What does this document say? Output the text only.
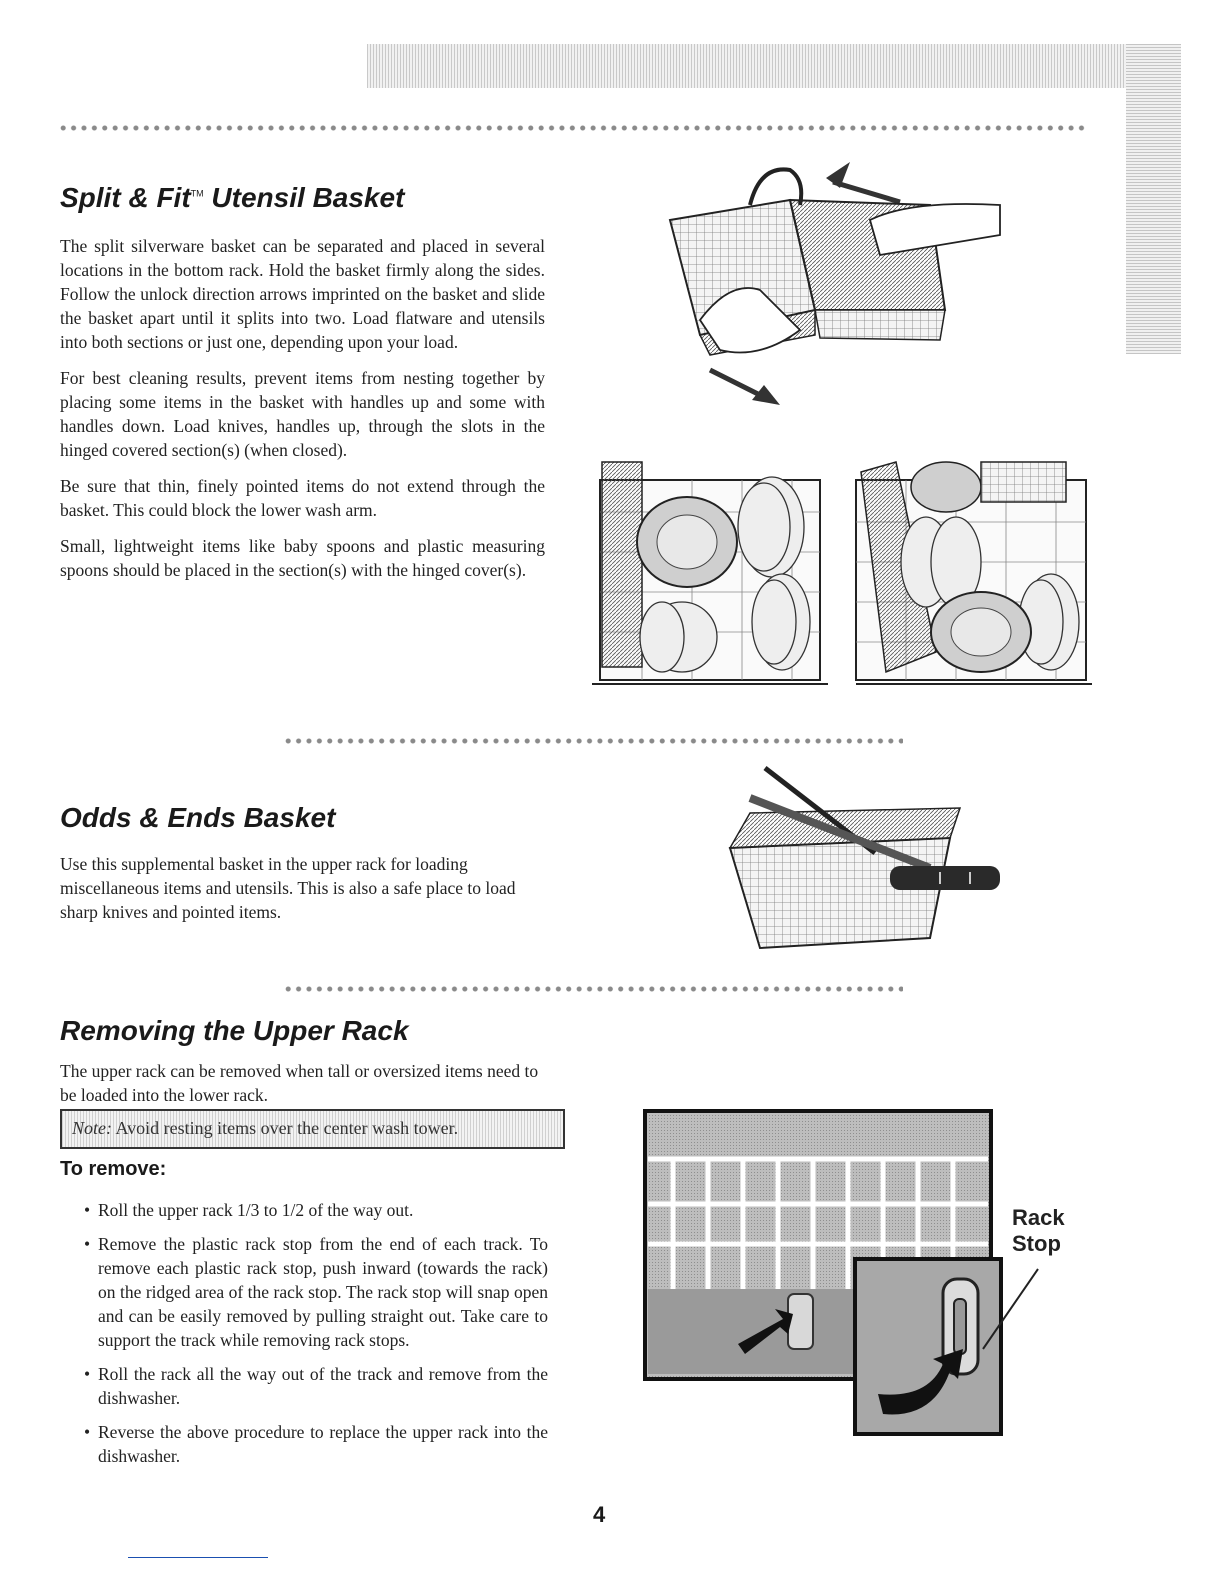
Split & Fit™ Utensil Basket

The split silverware basket can be separated and placed in several locations in the bottom rack. Hold the basket firmly along the sides. Follow the unlock direction arrows imprinted on the basket and slide the basket apart until it splits into two. Load flatware and utensils into both sections or just one, depending upon your load.

For best cleaning results, prevent items from nesting together by placing some items in the basket with handles up and some with handles down. Load knives, handles up, through the slots in the hinged covered section(s) (when closed).

Be sure that thin, finely pointed items do not extend through the basket. This could block the lower wash arm.

Small, lightweight items like baby spoons and plastic measuring spoons should be placed in the section(s) with the hinged cover(s).

Odds & Ends Basket

Use this supplemental basket in the upper rack for loading miscellaneous items and utensils. This is also a safe place to load sharp knives and pointed items.

Removing the Upper Rack

The upper rack can be removed when tall or oversized items need to be loaded into the lower rack.

Note: Avoid resting items over the center wash tower.
To remove:
• Roll the upper rack 1/3 to 1/2 of the way out.
• Remove the plastic rack stop from the end of each track. To remove each plastic rack stop, push inward (towards the rack) on the ridged area of the rack stop. The rack stop will snap open and can be easily removed by pulling straight out. Take care to support the track while removing rack stops.
• Roll the rack all the way out of the track and remove from the dishwasher.
• Reverse the above procedure to replace the upper rack into the dishwasher.
Rack
Stop
4
